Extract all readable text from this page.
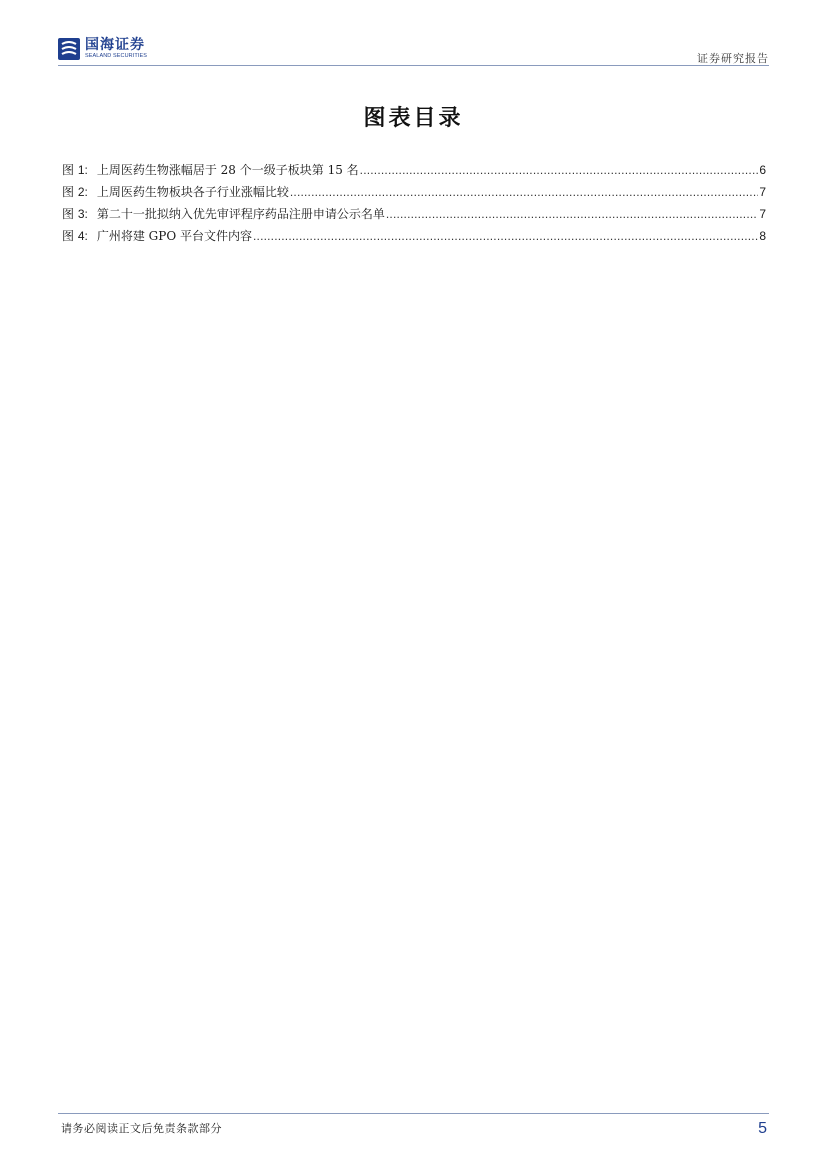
国海证券
SEALAND SECURITIES	证券研究报告
图表目录
图 1: 上周医药生物涨幅居于 28 个一级子板块第 15 名 .....	6
图 2: 上周医药生物板块各子行业涨幅比较 .....	7
图 3: 第二十一批拟纳入优先审评程序药品注册申请公示名单 .....	7
图 4: 广州将建 GPO 平台文件内容 .....	8
请务必阅读正文后免责条款部分	5
